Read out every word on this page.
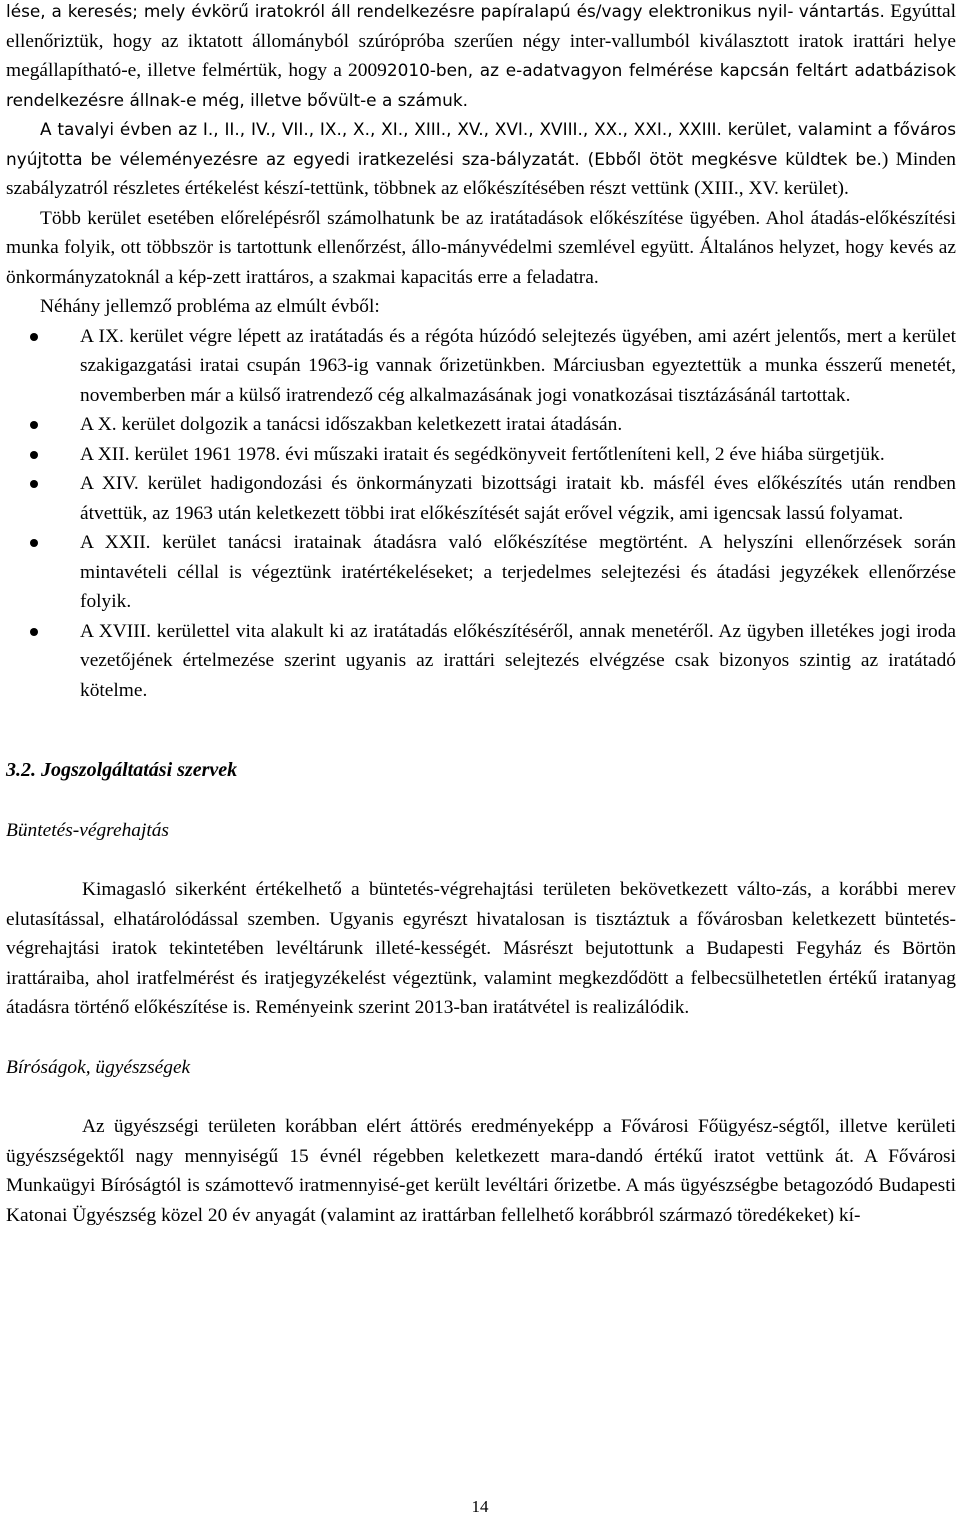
lése, a keresés; mely évkörű iratokról áll rendelkezésre papíralapú és/vagy elektronikus nyil- vántartás. Egyúttal ellenőriztük, hogy az iktatott állományból szúrópróba szerűen négy inter-vallumból kiválasztott iratok irattári helye megállapítható-e, illetve felmértük, hogy a 20092010-ben, az e-adatvagyon felmérése kapcsán feltárt adatbázisok rendelkezésre állnak-e még, illetve bővült-e a számuk.

A tavalyi évben az I., II., IV., VII., IX., X., XI., XIII., XV., XVI., XVIII., XX., XXI., XXIII. kerület, valamint a főváros nyújtotta be véleményezésre az egyedi iratkezelési sza-bályzatát. (Ebből ötöt megkésve küldtek be.) Minden szabályzatról részletes értékelést készí-tettünk, többnek az előkészítésében részt vettünk (XIII., XV. kerület).

Több kerület esetében előrelépésről számolhatunk be az iratátadások előkészítése ügyében. Ahol átadás-előkészítési munka folyik, ott többször is tartottunk ellenőrzést, állo-mányvédelmi szemlével együtt. Általános helyzet, hogy kevés az önkormányzatoknál a kép-zett irattáros, a szakmai kapacitás erre a feladatra.

Néhány jellemző probléma az elmúlt évből:

A IX. kerület végre lépett az iratátadás és a régóta húzódó selejtezés ügyében, ami azért jelentős, mert a kerület szakigazgatási iratai csupán 1963-ig vannak őrizetünkben. Márciusban egyeztettük a munka ésszerű menetét, novemberben már a külső iratrendező cég alkalmazásának jogi vonatkozásai tisztázásánál tartottak.
A X. kerület dolgozik a tanácsi időszakban keletkezett iratai átadásán.
A XII. kerület 1961 1978. évi műszaki iratait és segédkönyveit fertőtleníteni kell, 2 éve hiába sürgetjük.
A XIV. kerület hadigondozási és önkormányzati bizottsági iratait kb. másfél éves előkészítés után rendben átvettük, az 1963 után keletkezett többi irat előkészítését saját erővel végzik, ami igencsak lassú folyamat.
A XXII. kerület tanácsi iratainak átadásra való előkészítése megtörtént. A helyszíni ellenőrzések során mintavételi céllal is végeztünk iratértékeléseket; a terjedelmes selejtezési és átadási jegyzékek ellenőrzése folyik.
A XVIII. kerülettel vita alakult ki az iratátadás előkészítéséről, annak menetéről. Az ügyben illetékes jogi iroda vezetőjének értelmezése szerint ugyanis az irattári selejtezés elvégzése csak bizonyos szintig az iratátadó kötelme.
3.2. Jogszolgáltatási szervek
Büntetés-végrehajtás

Kimagasló sikerként értékelhető a büntetés-végrehajtási területen bekövetkezett válto-zás, a korábbi merev elutasítással, elhatárolódással szemben. Ugyanis egyrészt hivatalosan is tisztáztuk a fővárosban keletkezett büntetés-végrehajtási iratok tekintetében levéltárunk illeté-kességét. Másrészt bejutottunk a Budapesti Fegyház és Börtön irattáraiba, ahol iratfelmérést és iratjegyzékelést végeztünk, valamint megkezdődött a felbecsülhetetlen értékű iratanyag átadásra történő előkészítése is. Reményeink szerint 2013-ban iratátvétel is realizálódik.

Bíróságok, ügyészségek

Az ügyészségi területen korábban elért áttörés eredményeképp a Fővárosi Főügyész-ségtől, illetve kerületi ügyészségektől nagy mennyiségű 15 évnél régebben keletkezett mara-dandó értékű iratot vettünk át. A Fővárosi Munkaügyi Bíróságtól is számottevő iratmennyisé-get került levéltári őrizetbe. A más ügyészségbe betagozódó Budapesti Katonai Ügyészség közel 20 év anyagát (valamint az irattárban fellelhető korábbról származó töredékeket) kí-

14
